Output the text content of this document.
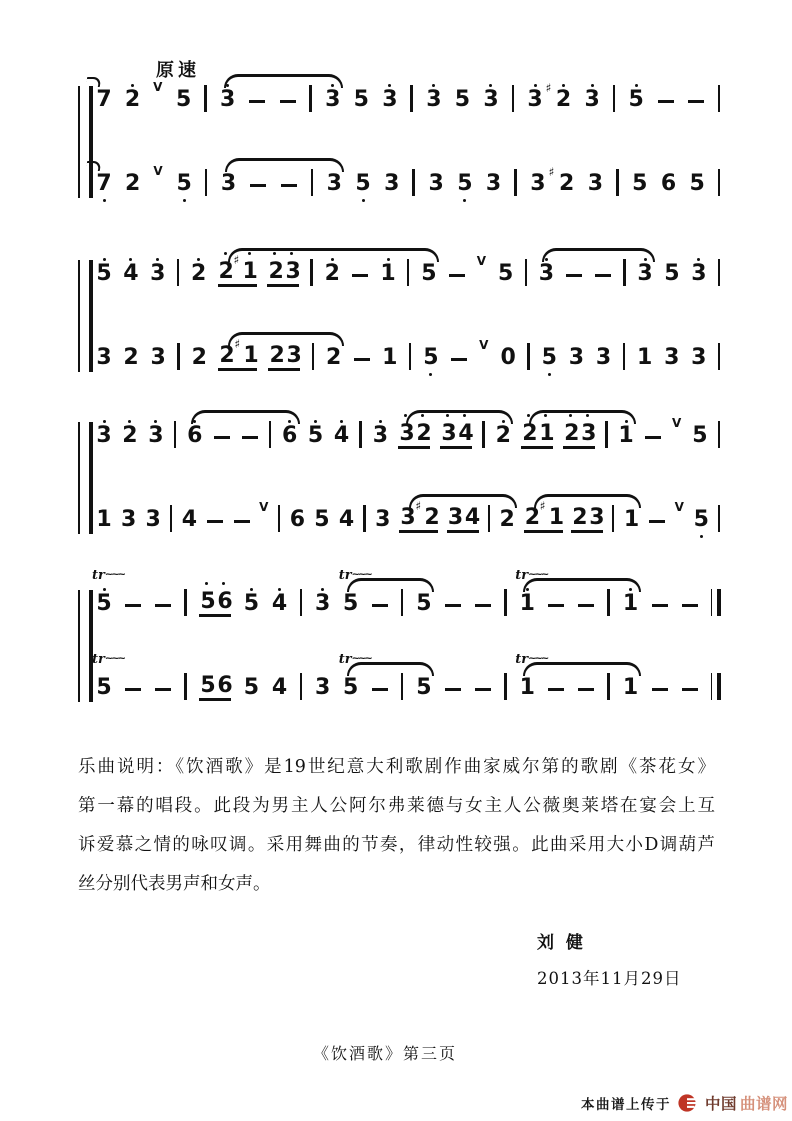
原速
7 2 V 5 3	3 5 3 3 5 3 3 2
♯ 3 5
7 2 V 5 3	3 5 3 3 5 3 3 2
♯ 3 5 6 5
5 4 3 2 2 1
♯ 2 3 2 1 5	V 5 3	3 5 3
3 2 3 2 2 1
♯ 2 3 2 1 5	V 0 5 3 3 1 3 3
3 2 3 6	6 5 4 3 3 2 3 4 2 2 1 2 3 1	V 5
1 3 3 4	V 6 5 4 3 3 2
♯ 3 4 2 2 1
♯ 2 3 1	V 5
5
tr~~~
5 6 5 4 3 5
tr~~~
5	1
tr~~~
1
5
tr~~~
5 6 5 4 3 5
tr~~~
5	1
tr~~~
1
乐曲说明：《饮酒歌》是19世纪意大利歌剧作曲家威尔第的歌剧《茶花女》
第一幕的唱段。此段为男主人公阿尔弗莱德与女主人公薇奥莱塔在宴会上互
诉爱慕之情的咏叹调。采用舞曲的节奏，律动性较强。此曲采用大小D调葫芦
丝分别代表男声和女声。
刘 健
2013年11月29日
《饮酒歌》第三页
本曲谱上传于 中国 曲谱网
